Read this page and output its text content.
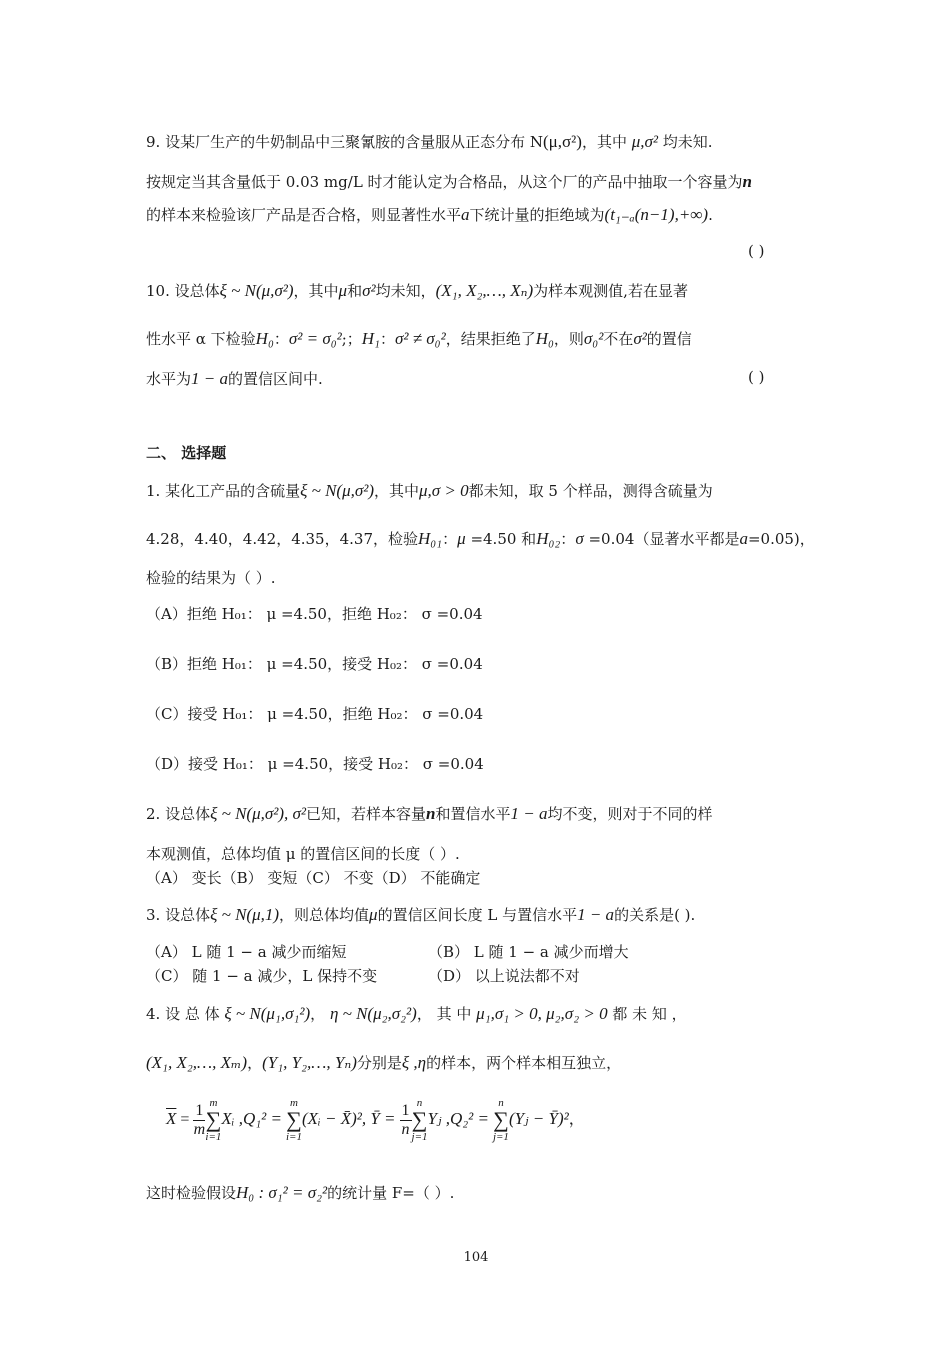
9. 设某厂生产的牛奶制品中三聚氰胺的含量服从正态分布 N(μ,σ²)，其中 μ,σ² 均未知.
按规定当其含量低于 0.03 mg/L 时才能认定为合格品，从这个厂的产品中抽取一个容量为n
的样本来检验该厂产品是否合格，则显著性水平a下统计量的拒绝域为(t₁₋ₐ(n−1),+∞).
( )
10. 设总体ξ ~ N(μ,σ²)，其中μ和σ²均未知，(X₁, X₂,…, Xₙ)为样本观测值,若在显著
性水平 α 下检验H₀：σ² = σ₀²;；H₁：σ² ≠ σ₀²，结果拒绝了H₀，则σ₀²不在σ²的置信
水平为1 − a的置信区间中.	( )
二、 选择题
1. 某化工产品的含硫量ξ ~ N(μ,σ²)，其中μ,σ > 0都未知，取 5 个样品，测得含硫量为
4.28，4.40，4.42，4.35，4.37，检验H₀₁：μ =4.50 和H₀₂：σ =0.04（显著水平都是a=0.05)，
检验的结果为（ ）.
（A）拒绝 H₀₁： μ =4.50，拒绝 H₀₂： σ =0.04
（B）拒绝 H₀₁： μ =4.50，接受 H₀₂： σ =0.04
（C）接受 H₀₁： μ =4.50，拒绝 H₀₂： σ =0.04
（D）接受 H₀₁： μ =4.50，接受 H₀₂： σ =0.04
2. 设总体ξ ~ N(μ,σ²), σ²已知，若样本容量n和置信水平1 − a均不变，则对于不同的样
本观测值，总体均值 μ 的置信区间的长度（ ）.
（A） 变长（B） 变短（C） 不变（D） 不能确定
3. 设总体ξ ~ N(μ,1)，则总体均值μ的置信区间长度 L 与置信水平1 − a的关系是( ).
（A） L 随 1 − a 减少而缩短	（B） L 随 1 − a 减少而增大
（C） 随 1 − a 减少，L 保持不变	（D） 以上说法都不对
4. 设 总 体 ξ ~ N(μ₁,σ₁²)， η ~ N(μ₂,σ₂²)， 其 中 μ₁,σ₁ > 0, μ₂,σ₂ > 0 都 未 知 ，
(X₁, X₂,…, Xₘ)，(Y₁, Y₂,…, Yₙ)分别是ξ ,η的样本，两个样本相互独立，
$\overline{X} = \frac{1}{m}$ m
∑
i=1
Xᵢ ,Q₁² =
m
∑
i=1
(Xᵢ − X̄)², Ȳ = $\frac{1}{n}$ n
∑
j=1
Yⱼ ,Q₂² =
n
∑
j=1
(Yⱼ − Ȳ)²，
这时检验假设H₀ : σ₁² = σ₂²的统计量 F=（ ）.
104
